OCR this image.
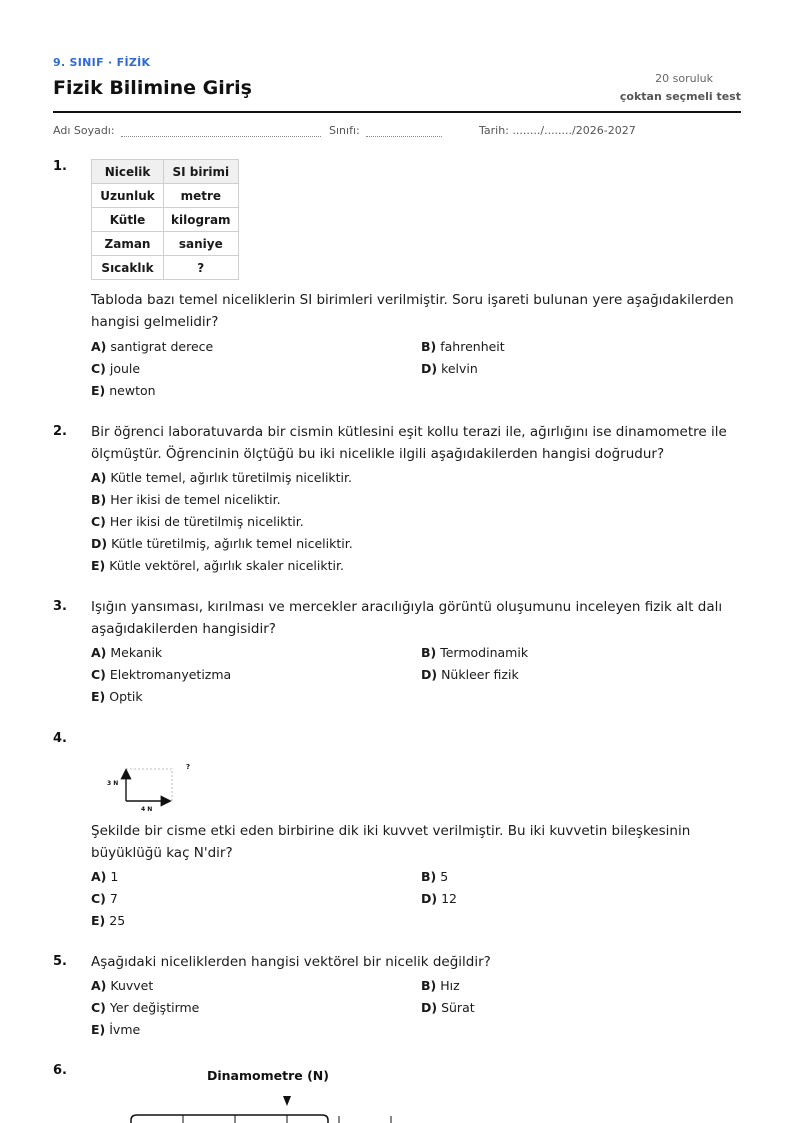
9. SINIF · FİZİK
Fizik Bilimine Giriş	20 soruluk
çoktan seçmeli test
Adı Soyadı:	Sınıfı:	Tarih: ......../......../2026-2027
1.	Nicelik	SI birimi
Uzunluk	metre
Kütle	kilogram
Zaman	saniye
Sıcaklık	?
Tabloda bazı temel niceliklerin SI birimleri verilmiştir. Soru işareti bulunan yere aşağıdakilerden hangisi gelmelidir?
A) santigrat derece	B) fahrenheit
C) joule	D) kelvin
E) newton
2. Bir öğrenci laboratuvarda bir cismin kütlesini eşit kollu terazi ile, ağırlığını ise dinamometre ile ölçmüştür. Öğrencinin ölçtüğü bu iki nicelikle ilgili aşağıdakilerden hangisi doğrudur?
A) Kütle temel, ağırlık türetilmiş niceliktir.
B) Her ikisi de temel niceliktir.
C) Her ikisi de türetilmiş niceliktir.
D) Kütle türetilmiş, ağırlık temel niceliktir.
E) Kütle vektörel, ağırlık skaler niceliktir.
3. Işığın yansıması, kırılması ve mercekler aracılığıyla görüntü oluşumunu inceleyen fizik alt dalı aşağıdakilerden hangisidir?
A) Mekanik	B) Termodinamik
C) Elektromanyetizma	D) Nükleer fizik
E) Optik
4.
3 N
4 N
?
Şekilde bir cisme etki eden birbirine dik iki kuvvet verilmiştir. Bu iki kuvvetin bileşkesinin büyüklüğü kaç N'dir?
A) 1	B) 5
C) 7	D) 12
E) 25
5. Aşağıdaki niceliklerden hangisi vektörel bir nicelik değildir?
A) Kuvvet	B) Hız
C) Yer değiştirme	D) Sürat
E) İvme
6.	Dinamometre (N)
